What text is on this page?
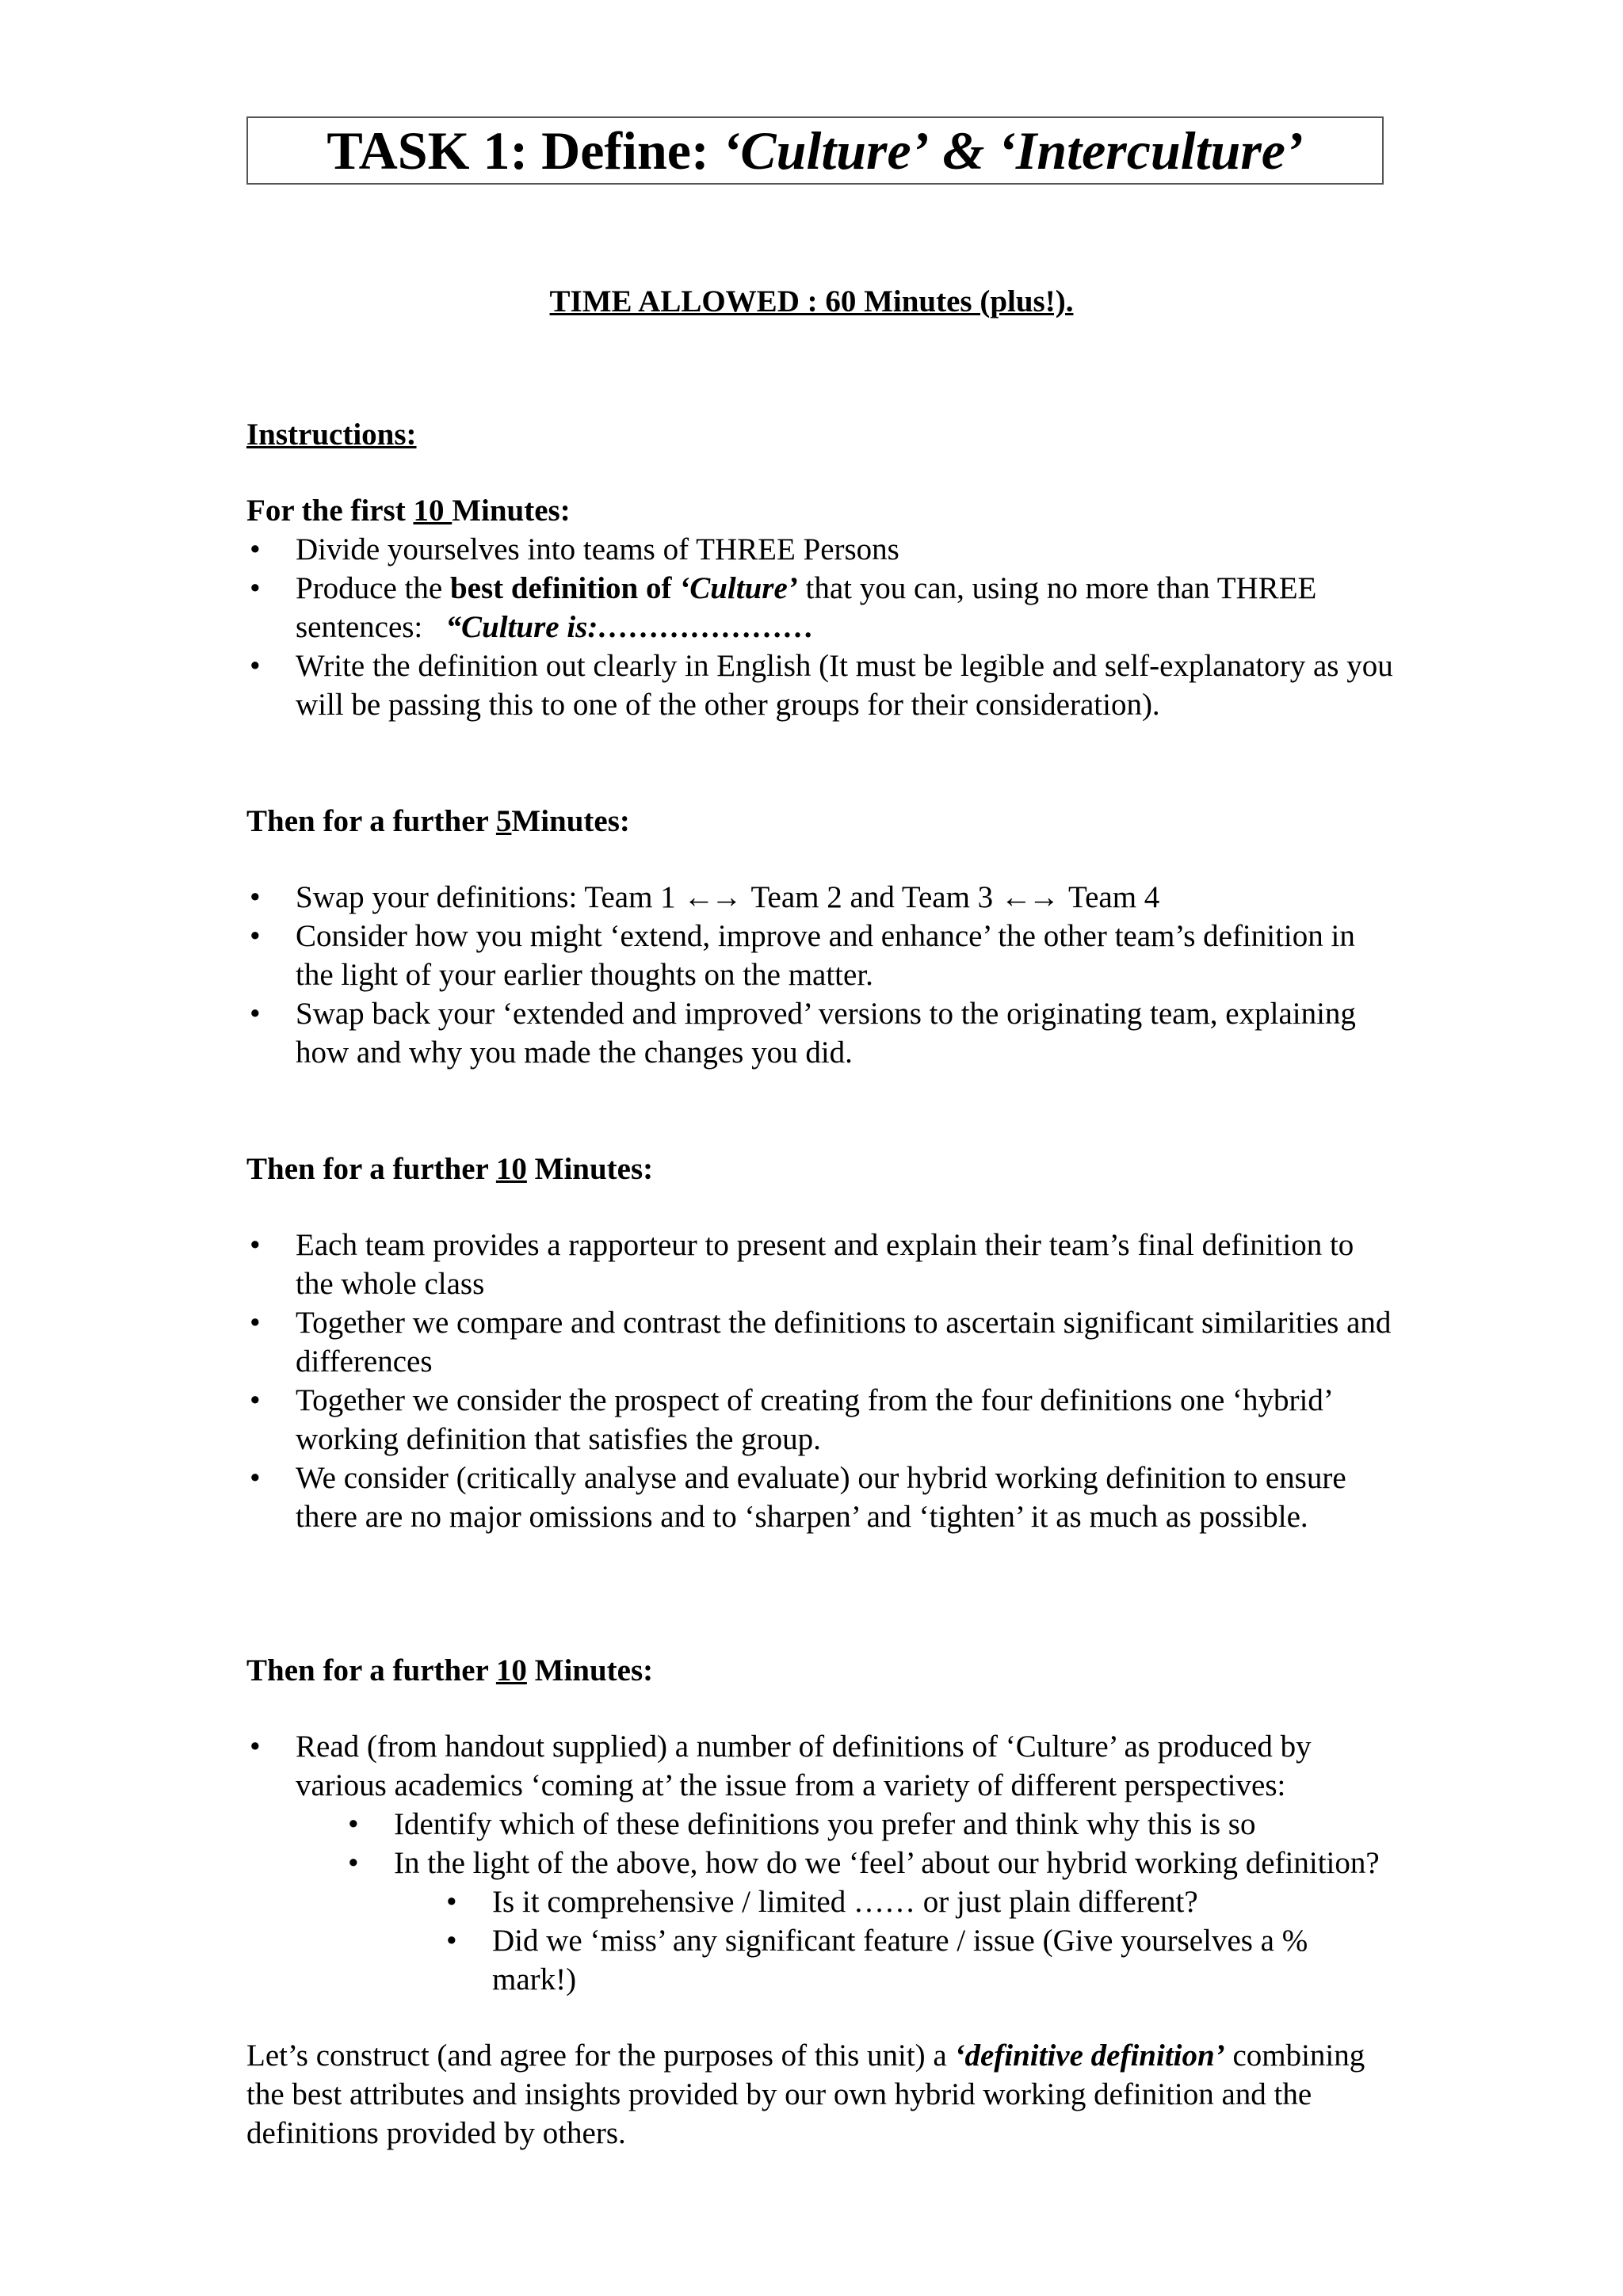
TASK 1: Define:
‘Culture’
&
‘Interculture’
TIME ALLOWED : 60 Minutes (plus!).

Instructions:

For the first 10 Minutes:

• Divide yourselves into teams of THREE Persons
• Produce the best definition of ‘Culture’ that you can, using no more than THREE sentences: “Culture is:…………………
• Write the definition out clearly in English (It must be legible and self-explanatory as you will be passing this to one of the other groups for their consideration).

Then for a further 5Minutes:

• Swap your definitions: Team 1 ←→ Team 2 and Team 3 ←→ Team 4
• Consider how you might ‘extend, improve and enhance’ the other team’s definition in the light of your earlier thoughts on the matter.
• Swap back your ‘extended and improved’ versions to the originating team, explaining how and why you made the changes you did.

Then for a further 10 Minutes:

• Each team provides a rapporteur to present and explain their team’s final definition to the whole class
• Together we compare and contrast the definitions to ascertain significant similarities and differences
• Together we consider the prospect of creating from the four definitions one ‘hybrid’ working definition that satisfies the group.
• We consider (critically analyse and evaluate) our hybrid working definition to ensure there are no major omissions and to ‘sharpen’ and ‘tighten’ it as much as possible.

Then for a further 10 Minutes:

• Read (from handout supplied) a number of definitions of ‘Culture’ as produced by various academics ‘coming at’ the issue from a variety of different perspectives:
• Identify which of these definitions you prefer and think why this is so
• In the light of the above, how do we ‘feel’ about our hybrid working definition?
• Is it comprehensive / limited …… or just plain different?
• Did we ‘miss’ any significant feature / issue (Give yourselves a % mark!)

Let’s construct (and agree for the purposes of this unit) a ‘definitive definition’ combining the best attributes and insights provided by our own hybrid working definition and the definitions provided by others.
